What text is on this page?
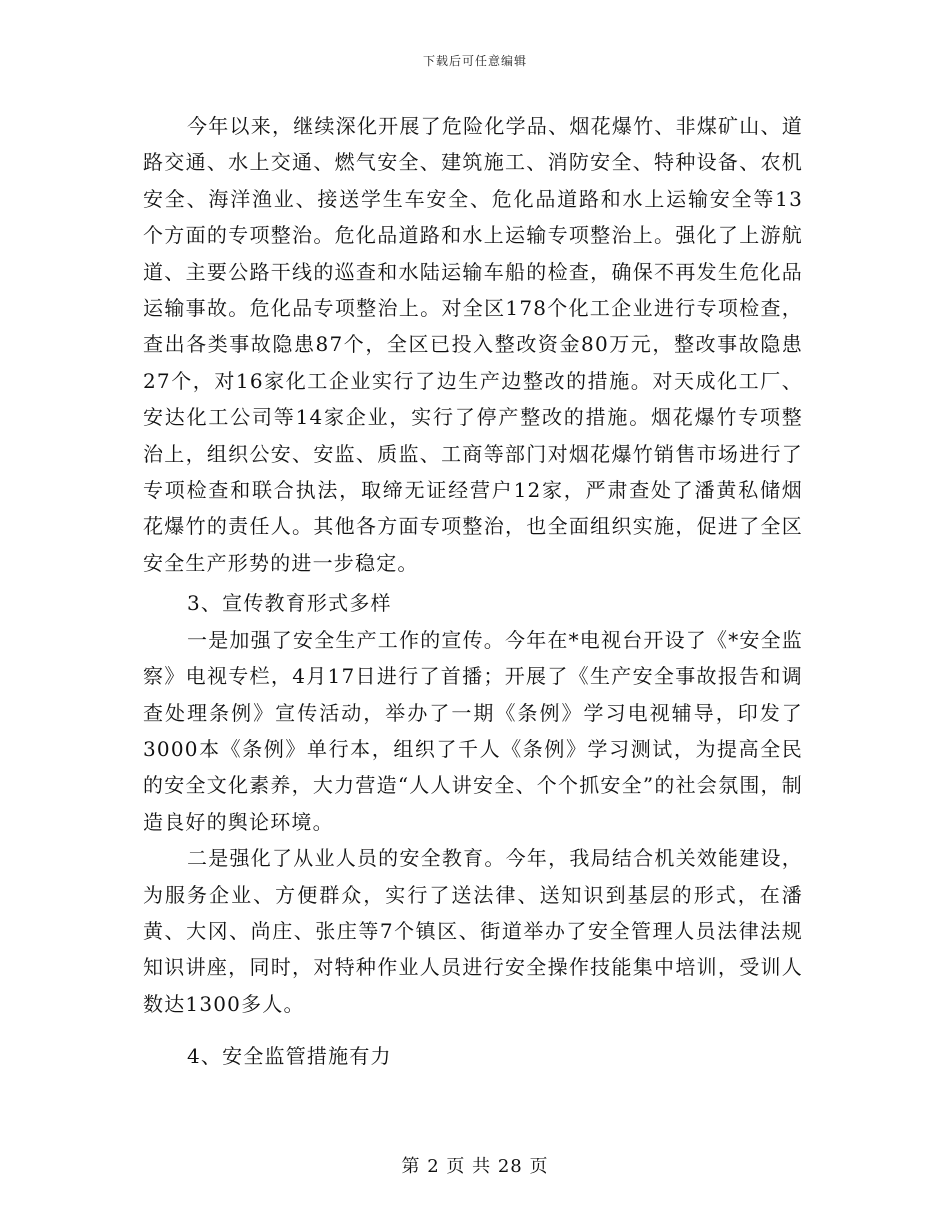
下载后可任意编辑

今年以来，继续深化开展了危险化学品、烟花爆竹、非煤矿山、道路交通、水上交通、燃气安全、建筑施工、消防安全、特种设备、农机安全、海洋渔业、接送学生车安全、危化品道路和水上运输安全等13个方面的专项整治。危化品道路和水上运输专项整治上。强化了上游航道、主要公路干线的巡查和水陆运输车船的检查，确保不再发生危化品运输事故。危化品专项整治上。对全区178个化工企业进行专项检查，查出各类事故隐患87个，全区已投入整改资金80万元，整改事故隐患27个，对16家化工企业实行了边生产边整改的措施。对天成化工厂、安达化工公司等14家企业，实行了停产整改的措施。烟花爆竹专项整治上，组织公安、安监、质监、工商等部门对烟花爆竹销售市场进行了专项检查和联合执法，取缔无证经营户12家，严肃查处了潘黄私储烟花爆竹的责任人。其他各方面专项整治，也全面组织实施，促进了全区安全生产形势的进一步稳定。

3、宣传教育形式多样

一是加强了安全生产工作的宣传。今年在*电视台开设了《*安全监察》电视专栏，4月17日进行了首播；开展了《生产安全事故报告和调查处理条例》宣传活动，举办了一期《条例》学习电视辅导，印发了3000本《条例》单行本，组织了千人《条例》学习测试，为提高全民的安全文化素养，大力营造“人人讲安全、个个抓安全”的社会氛围，制造良好的舆论环境。

二是强化了从业人员的安全教育。今年，我局结合机关效能建设，为服务企业、方便群众，实行了送法律、送知识到基层的形式，在潘黄、大冈、尚庄、张庄等7个镇区、街道举办了安全管理人员法律法规知识讲座，同时，对特种作业人员进行安全操作技能集中培训，受训人数达1300多人。

4、安全监管措施有力

第 2 页 共 28 页
